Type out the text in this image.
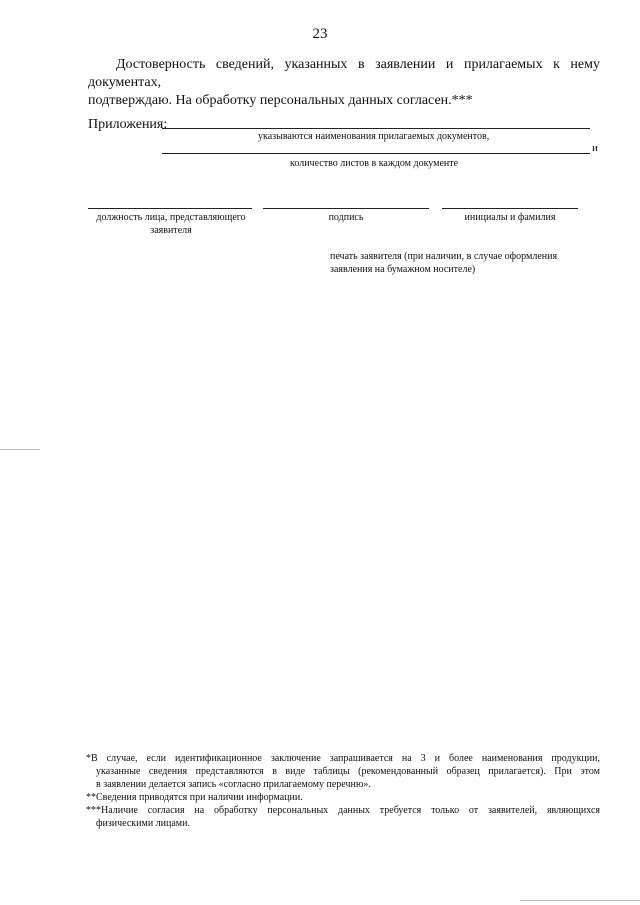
23
Достоверность сведений, указанных в заявлении и прилагаемых к нему документах,
подтверждаю. На обработку персональных данных согласен.***
Приложения:
указываются наименования прилагаемых документов,
и
количество листов в каждом документе
должность лица, представляющего
заявителя
подпись	инициалы и фамилия
печать заявителя (при наличии, в случае оформления
заявления на бумажном носителе)
*В случае, если идентификационное заключение запрашивается на 3 и более наименования продукции,
указанные сведения представляются в виде таблицы (рекомендованный образец прилагается). При этом
в заявлении делается запись «согласно прилагаемому перечню».
**Сведения приводятся при наличии информации.
***Наличие согласия на обработку персональных данных требуется только от заявителей, являющихся
физическими лицами.
